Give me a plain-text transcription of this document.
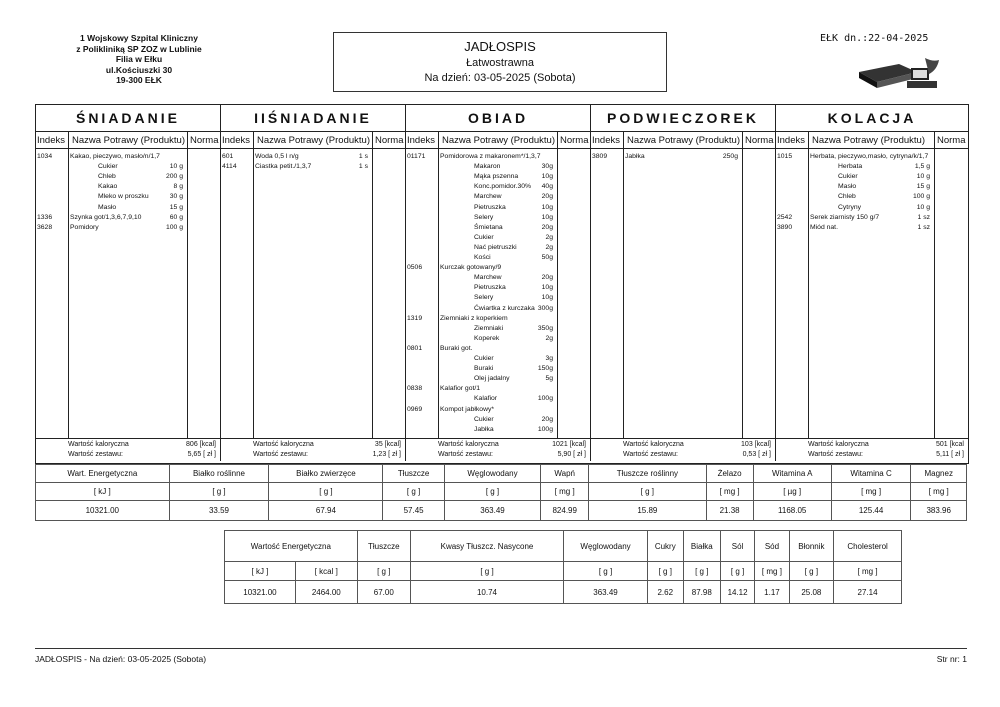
1 Wojskowy Szpital Kliniczny
z Polikliniką SP ZOZ w Lublinie
Filia w Ełku
ul.Kościuszki 30
19-300 EŁK
JADŁOSPIS
Łatwostrawna
Na dzień: 03-05-2025 (Sobota)
EŁK dn.:22-04-2025
ŚNIADANIE
Indeks Nazwa Potrawy (Produktu) Norma
1034	Kakao, pieczywo, masło/n/1,7
Cukier	10 g
Chleb	200 g
Kakao	8 g
Mleko w proszku	30 g
Masło	15 g
1336	Szynka got/1,3,6,7,9,10	60 g
3628	Pomidory	100 g
Wartość kaloryczna	806 [kcal]
Wartość zestawu:	5,65 [ zł ]
IIŚNIADANIE
Indeks Nazwa Potrawy (Produktu) Norma
601	Woda 0,5 l n/g	1 s
4114	Ciastka petit./1,3,7	1 s
Wartość kaloryczna	35 [kcal]
Wartość zestawu:	1,23 [ zł ]
OBIAD
Indeks Nazwa Potrawy (Produktu) Norma
01171 Pomidorowa z makaronem*/1,3,7
Makaron	30g
Mąka pszenna	10g
Konc.pomidor.30%	40g
Marchew	20g
Pietruszka	10g
Selery	10g
Śmietana	20g
Cukier	2g
Nać pietruszki	2g
Kości	50g
0506	Kurczak gotowany/9
Marchew	20g
Pietruszka	10g
Selery	10g
Ćwiartka z kurczaka 300g
1319	Ziemniaki z koperkiem
Ziemniaki	350g
Koperek	2g
0801	Buraki got.
Cukier	3g
Buraki	150g
Olej jadalny	5g
0838	Kalafior got/1
Kalafior	100g
0969	Kompot jabłkowy*
Cukier	20g
Jabłka	100g
Wartość kaloryczna	1021 [kcal]
Wartość zestawu:	5,90 [ zł ]
PODWIECZOREK
Indeks Nazwa Potrawy (Produktu) Norma
3809	Jabłka	250g
Wartość kaloryczna	103 [kcal]
Wartość zestawu:	0,53 [ zł ]
KOLACJA
Indeks Nazwa Potrawy (Produktu) Norma
1015	Herbata, pieczywo,masło, cytryna/k/1,7
Herbata	1,5 g
Cukier	10 g
Masło	15 g
Chleb	100 g
Cytryny	10 g
2542	Serek ziarnisty 150 g/7	1 sz
3890	Miód nat.	1 sz
Wartość kaloryczna	501 [kcal
Wartość zestawu:	5,11 [ zł ]
Wart. Energetyczna	Białko roślinne	Białko zwierzęce	Tłuszcze	Węglowodany	Wapń	Tłuszcze roślinny	Żelazo	Witamina A	Witamina C	Magnez
[ kJ ]	[ g ]	[ g ]	[ g ]	[ g ]	[ mg ]	[ g ]	[ mg ]	[ µg ]	[ mg ]	[ mg ]
10321.00	33.59	67.94	57.45	363.49	824.99	15.89	21.38	1168.05	125.44	383.96
Wartość Energetyczna		Tłuszcze	Kwasy Tłuszcz. Nasycone	Węglowodany	Cukry	Białka	Sól	Sód	Błonnik	Cholesterol
[ kJ ]	[ kcal ]	[ g ]	[ g ]	[ g ]	[ g ]	[ g ]	[ g ]	[ mg ]	[ g ]	[ mg ]
10321.00	2464.00	67.00	10.74	363.49	2.62	87.98	14.12	1.17	25.08	27.14
JADŁOSPIS - Na dzień: 03-05-2025 (Sobota)	Str nr: 1
